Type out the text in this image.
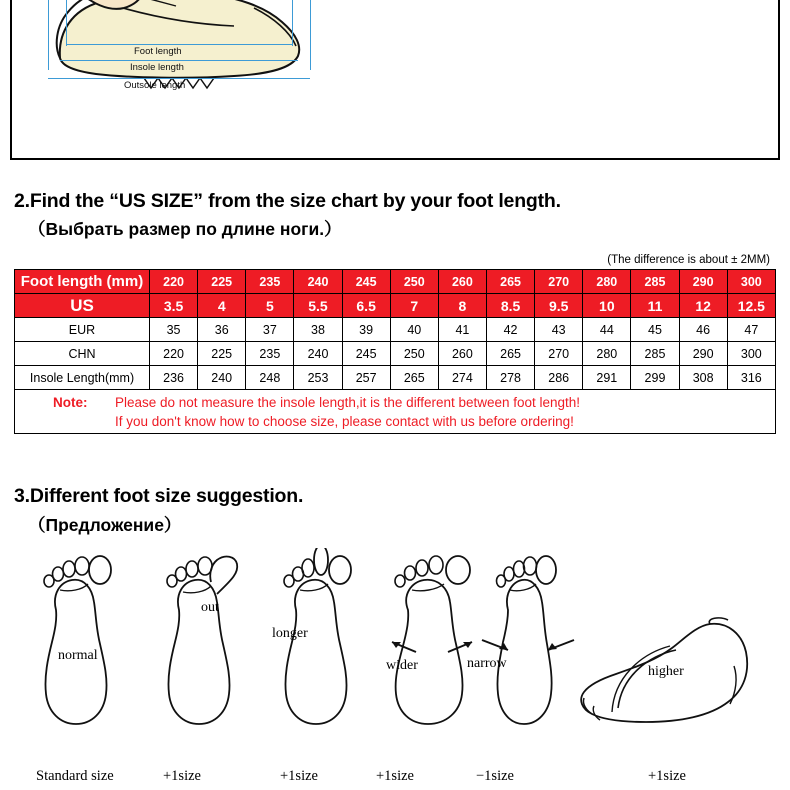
Foot length
Insole length
Outsole length
2.Find the “US SIZE” from the size chart by your foot length.
（Выбрать размер по длине ноги.）
(The difference is about ± 2MM)
Foot length (mm)	220	225	235	240	245	250	260	265	270	280	285	290	300
US	3.5	4	5	5.5	6.5	7	8	8.5	9.5	10	11	12	12.5
EUR	35	36	37	38	39	40	41	42	43	44	45	46	47
CHN	220	225	235	240	245	250	260	265	270	280	285	290	300
Insole Length(mm)	236	240	248	253	257	265	274	278	286	291	299	308	316
Note: Please do not measure the insole length,it is the different between foot length!
If you don't know how to choose size, please contact with us before ordering!
3.Different foot size suggestion.
（Предложение）
normal
Standard size
out
+1size
longer
+1size
wider
+1size
narrow
−1size
higher
+1size
